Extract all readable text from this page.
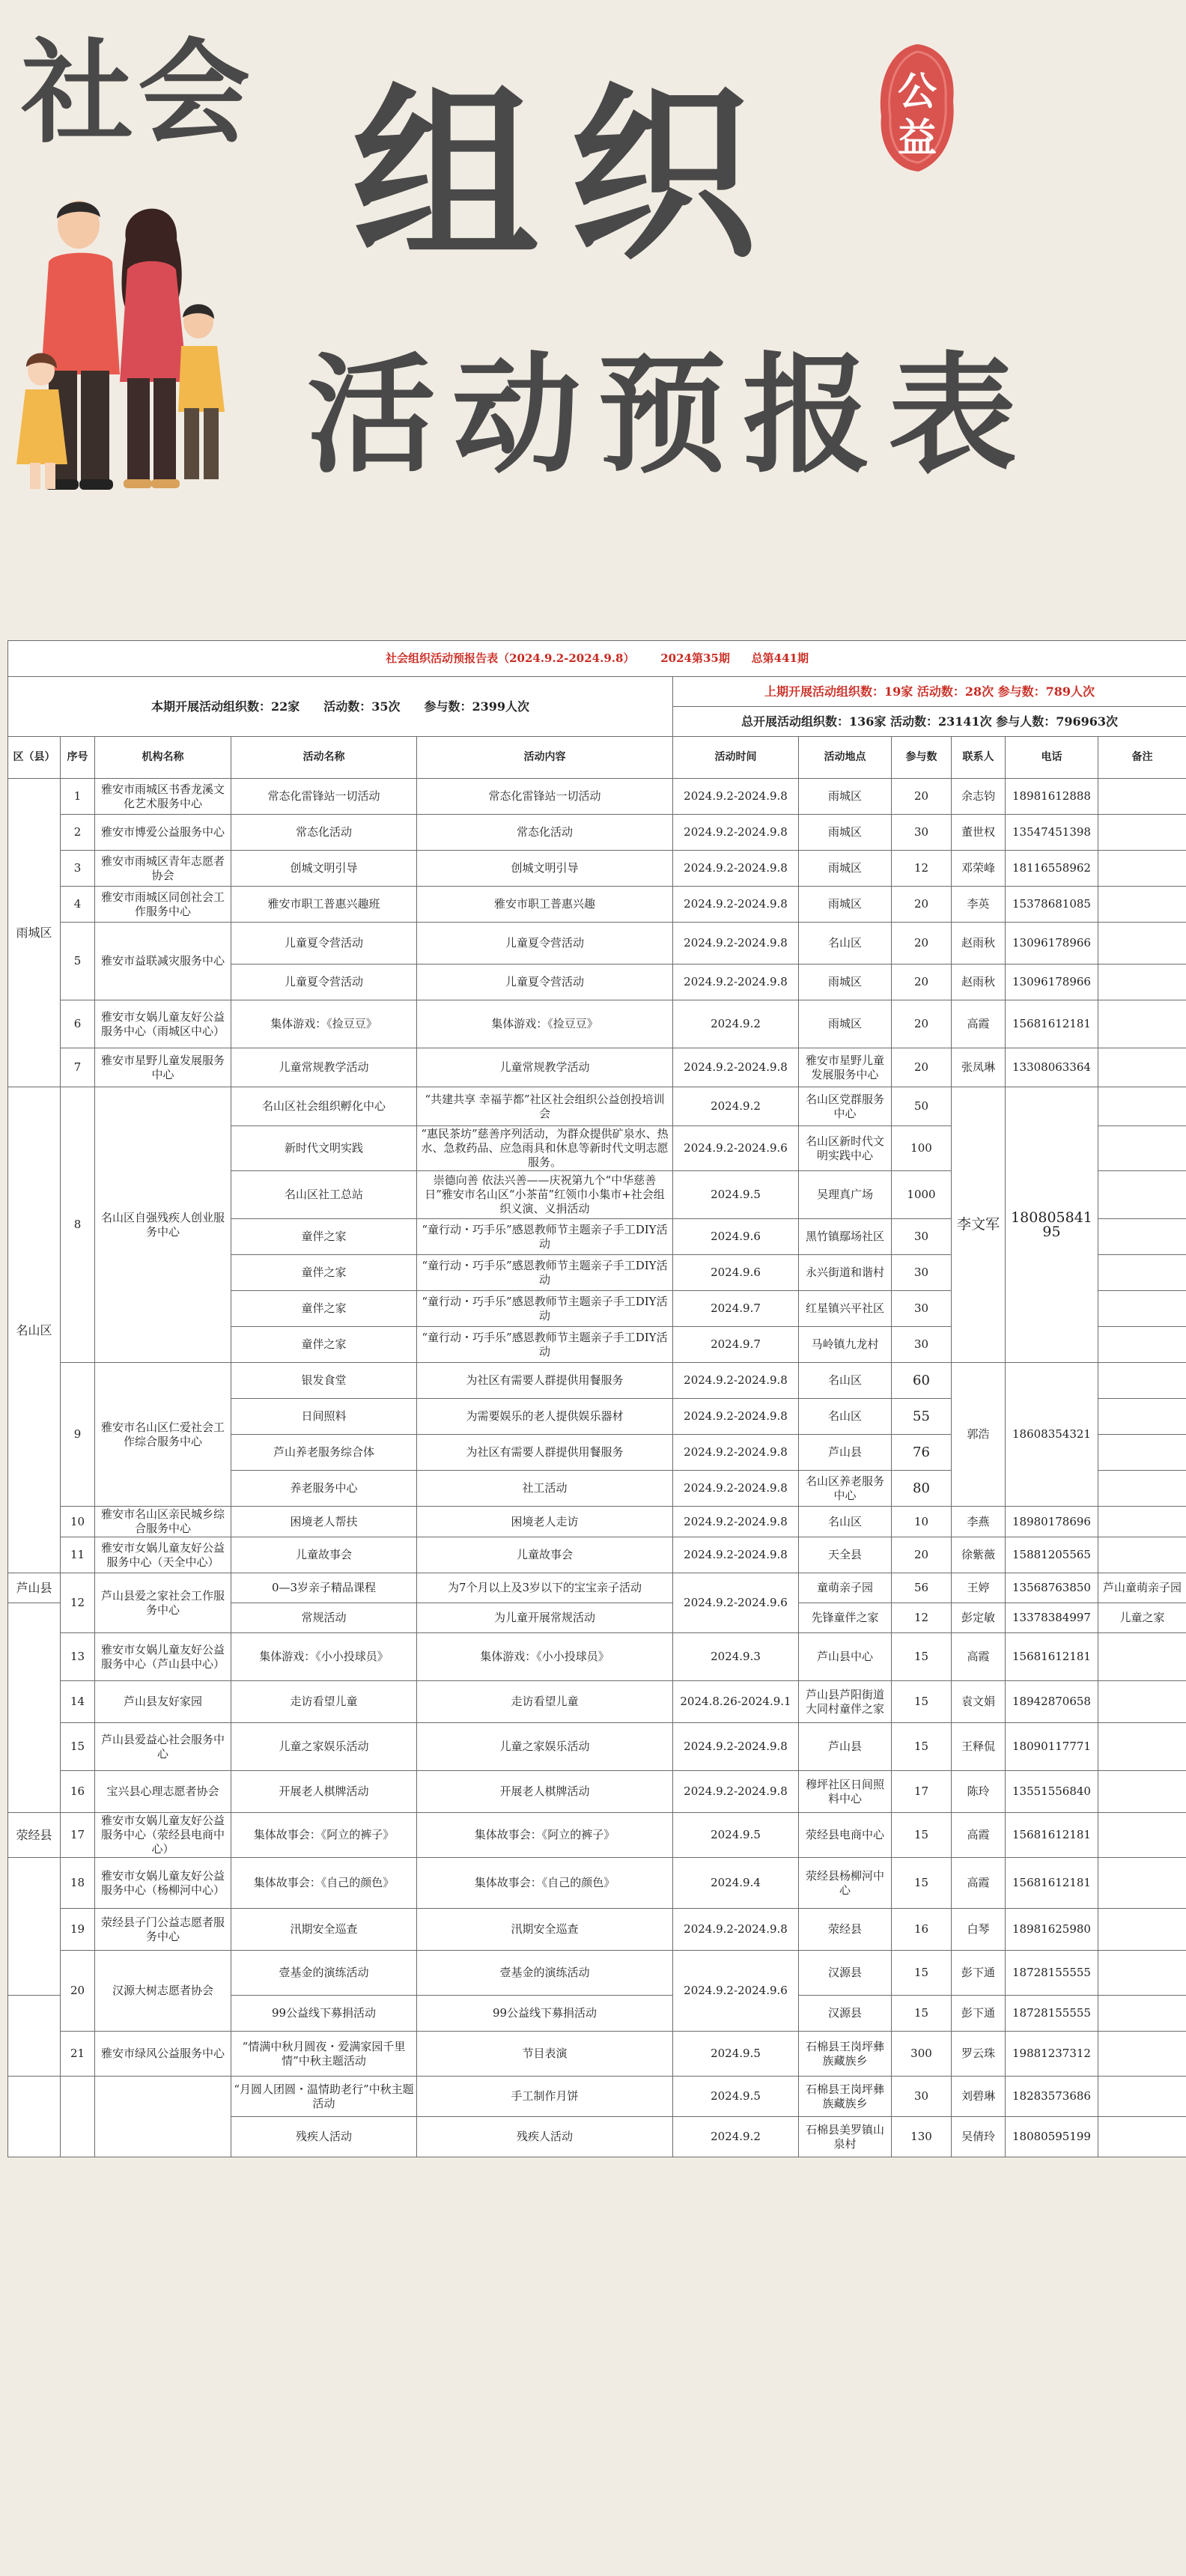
社会 组织
活动预报表
公
益
社会组织活动预报告表（2024.9.2-2024.9.8） 2024第35期 总第441期										
本期开展活动组织数：22家　　活动数：35次　　参与数：2399人次					上期开展活动组织数：19家 活动数：28次 参与数：789人次					
					总开展活动组织数：136家 活动数：23141次 参与人数：796963次					
区（县）	序号	机构名称	活动名称	活动内容	活动时间	活动地点	参与数	联系人	电话	备注
雨城区	1	雅安市雨城区书香龙溪文化艺术服务中心	常态化雷锋站一切活动	常态化雷锋站一切活动	2024.9.2-2024.9.8	雨城区	20	余志钧	18981612888	
	2	雅安市博爱公益服务中心	常态化活动	常态化活动	2024.9.2-2024.9.8	雨城区	30	董世权	13547451398	
	3	雅安市雨城区青年志愿者协会	创城文明引导	创城文明引导	2024.9.2-2024.9.8	雨城区	12	邓荣峰	18116558962	
	4	雅安市雨城区同创社会工作服务中心	雅安市职工普惠兴趣班	雅安市职工普惠兴趣	2024.9.2-2024.9.8	雨城区	20	李英	15378681085	
	5	雅安市益联减灾服务中心	儿童夏令营活动	儿童夏令营活动	2024.9.2-2024.9.8	名山区	20	赵雨秋	13096178966	
			儿童夏令营活动	儿童夏令营活动	2024.9.2-2024.9.8	雨城区	20	赵雨秋	13096178966	
	6	雅安市女娲儿童友好公益服务中心（雨城区中心）	集体游戏：《捡豆豆》	集体游戏：《捡豆豆》	2024.9.2	雨城区	20	高霞	15681612181	
	7	雅安市星野儿童发展服务中心	儿童常规教学活动	儿童常规教学活动	2024.9.2-2024.9.8	雅安市星野儿童发展服务中心	20	张凤琳	13308063364	
名山区	8	名山区自强残疾人创业服务中心	名山区社会组织孵化中心	“共建共享 幸福芋都”社区社会组织公益创投培训会	2024.9.2	名山区党群服务中心	50	李文军	18080584195	
			新时代文明实践	“惠民茶坊”慈善序列活动，为群众提供矿泉水、热水、急救药品、应急雨具和休息等新时代文明志愿服务。	2024.9.2-2024.9.6	名山区新时代文明实践中心	100			
			名山区社工总站	崇德向善 依法兴善——庆祝第九个“中华慈善日”雅安市名山区“小茶苗”红领巾小集市+社会组织义演、义捐活动	2024.9.5	吴理真广场	1000			
			童伴之家	“童行动・巧手乐”感恩教师节主题亲子手工DIY活动	2024.9.6	黑竹镇鄢场社区	30			
			童伴之家	“童行动・巧手乐”感恩教师节主题亲子手工DIY活动	2024.9.6	永兴街道和谐村	30			
			童伴之家	“童行动・巧手乐”感恩教师节主题亲子手工DIY活动	2024.9.7	红星镇兴平社区	30			
			童伴之家	“童行动・巧手乐”感恩教师节主题亲子手工DIY活动	2024.9.7	马岭镇九龙村	30			
	9	雅安市名山区仁爱社会工作综合服务中心	银发食堂	为社区有需要人群提供用餐服务	2024.9.2-2024.9.8	名山区	60	郭浩	18608354321	
			日间照料	为需要娱乐的老人提供娱乐器材	2024.9.2-2024.9.8	名山区	55			
			芦山养老服务综合体	为社区有需要人群提供用餐服务	2024.9.2-2024.9.8	芦山县	76			
			养老服务中心	社工活动	2024.9.2-2024.9.8	名山区养老服务中心	80			
	10	雅安市名山区亲民城乡综合服务中心	困境老人帮扶	困境老人走访	2024.9.2-2024.9.8	名山区	10	李燕	18980178696	
	11	雅安市女娲儿童友好公益服务中心（天全中心）	儿童故事会	儿童故事会	2024.9.2-2024.9.8	天全县	20	徐紫薇	15881205565	
芦山县	12	芦山县爱之家社会工作服务中心	0—3岁亲子精品课程	为7个月以上及3岁以下的宝宝亲子活动	2024.9.2-2024.9.6	童萌亲子园	56	王婷	13568763850	芦山童萌亲子园
			常规活动	为儿童开展常规活动		先锋童伴之家	12	彭定敏	13378384997	儿童之家
	13	雅安市女娲儿童友好公益服务中心（芦山县中心）	集体游戏：《小小投球员》	集体游戏：《小小投球员》	2024.9.3	芦山县中心	15	高霞	15681612181	
	14	芦山县友好家园	走访看望儿童	走访看望儿童	2024.8.26-2024.9.1	芦山县芦阳街道大同村童伴之家	15	袁文娟	18942870658	
	15	芦山县爱益心社会服务中心	儿童之家娱乐活动	儿童之家娱乐活动	2024.9.2-2024.9.8	芦山县	15	王释侃	18090117771	
	16	宝兴县心理志愿者协会	开展老人棋牌活动	开展老人棋牌活动	2024.9.2-2024.9.8	穆坪社区日间照料中心	17	陈玲	13551556840	
荥经县	17	雅安市女娲儿童友好公益服务中心（荥经县电商中心）	集体故事会：《阿立的裤子》	集体故事会：《阿立的裤子》	2024.9.5	荥经县电商中心	15	高霞	15681612181	
	18	雅安市女娲儿童友好公益服务中心（杨柳河中心）	集体故事会：《自己的颜色》	集体故事会：《自己的颜色》	2024.9.4	荥经县杨柳河中心	15	高霞	15681612181	
	19	荥经县子门公益志愿者服务中心	汛期安全巡查	汛期安全巡查	2024.9.2-2024.9.8	荥经县	16	白琴	18981625980	
	20	汉源大树志愿者协会	壹基金的演练活动	壹基金的演练活动	2024.9.2-2024.9.6	汉源县	15	彭下通	18728155555	
			99公益线下募捐活动	99公益线下募捐活动		汉源县	15	彭下通	18728155555	
	21	雅安市绿风公益服务中心	“情满中秋月圆夜・爱满家园千里情”中秋主题活动	节目表演	2024.9.5	石棉县王岗坪彝族藏族乡	300	罗云珠	19881237312	
			“月圆人团圆・温情助老行”中秋主题活动	手工制作月饼	2024.9.5	石棉县王岗坪彝族藏族乡	30	刘碧琳	18283573686	
			残疾人活动	残疾人活动	2024.9.2	石棉县美罗镇山泉村	130	吴倩玲	18080595199	
